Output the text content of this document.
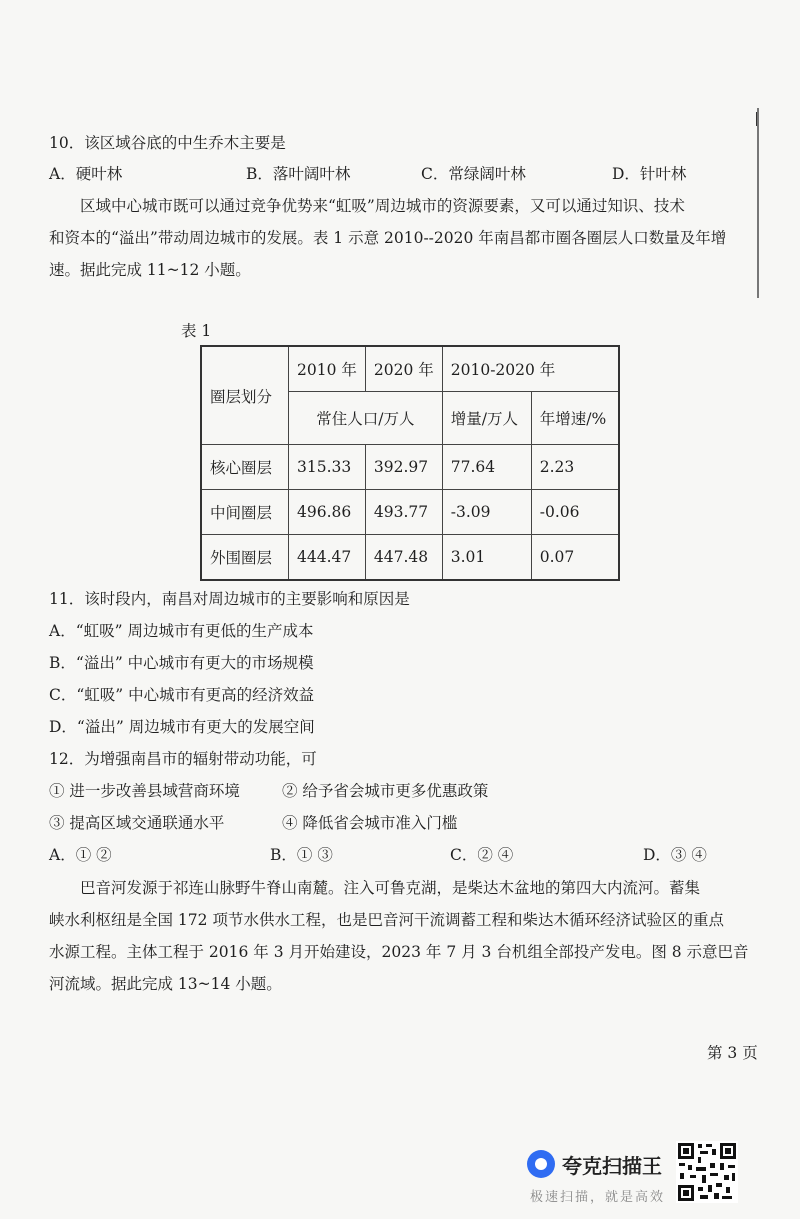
10．该区域谷底的中生乔木主要是
A．硬叶林	B．落叶阔叶林	C．常绿阔叶林	D．针叶林
区域中心城市既可以通过竞争优势来“虹吸”周边城市的资源要素，又可以通过知识、技术
和资本的“溢出”带动周边城市的发展。表 1 示意 2010--2020 年南昌都市圈各圈层人口数量及年增
速。据此完成 11~12 小题。
表 1
圈层划分	2010 年	2020 年	2010-2020 年	
	常住人口/万人		增量/万人	年增速/%
核心圈层	315.33	392.97	77.64	2.23
中间圈层	496.86	493.77	-3.09	-0.06
外围圈层	444.47	447.48	3.01	0.07
11．该时段内，南昌对周边城市的主要影响和原因是
A．“虹吸” 周边城市有更低的生产成本
B．“溢出” 中心城市有更大的市场规模
C．“虹吸” 中心城市有更高的经济效益
D．“溢出” 周边城市有更大的发展空间
12．为增强南昌市的辐射带动功能，可
① 进一步改善县域营商环境	② 给予省会城市更多优惠政策
③ 提高区域交通联通水平	④ 降低省会城市准入门槛
A．① ②	B．① ③	C．② ④	D．③ ④
巴音河发源于祁连山脉野牛脊山南麓。注入可鲁克湖，是柴达木盆地的第四大内流河。蓄集
峡水利枢纽是全国 172 项节水供水工程，也是巴音河干流调蓄工程和柴达木循环经济试验区的重点
水源工程。主体工程于 2016 年 3 月开始建设，2023 年 7 月 3 台机组全部投产发电。图 8 示意巴音
河流域。据此完成 13~14 小题。
第 3 页
夸克扫描王
极速扫描，就是高效
